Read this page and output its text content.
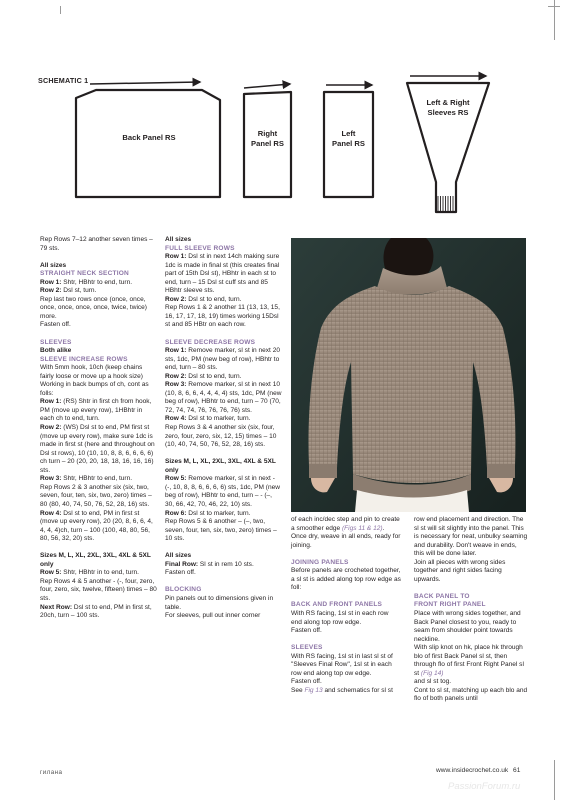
SCHEMATIC 1
Back Panel RS	Right
Panel RS
Left
Panel RS
Left & Right
Sleeves RS

Rep Rows 7–12 another seven times – 79 sts.

All sizes

STRAIGHT NECK SECTION

Row 1: Shtr, HBhtr to end, turn.

Row 2: Dsl st, turn.

Rep last two rows once (once, once, once, once, once, once, twice, twice) more.
Fasten off.

SLEEVES

Both alike

SLEEVE INCREASE ROWS

With 5mm hook, 10ch (keep chains fairly loose or move up a hook size)
Working in back bumps of ch, cont as folls:

Row 1: (RS) Shtr in first ch from hook, PM (move up every row), 1HBhtr in each ch to end, turn.

Row 2: (WS) Dsl st to end, PM first st (move up every row), make sure 1dc is made in first st (here and throughout on Dsl st rows), 10 (10, 10, 8, 8, 6, 6, 6, 6) ch turn – 20 (20, 20, 18, 18, 16, 16, 16) sts.

Row 3: Shtr, HBhtr to end, turn.
Rep Rows 2 & 3 another six (six, two, seven, four, ten, six, two, zero) times – 80 (80, 40, 74, 50, 76, 52, 28, 16) sts.

Row 4: Dsl st to end, PM in first st (move up every row), 20 (20, 8, 6, 6, 4, 4, 4, 4)ch, turn – 100 (100, 48, 80, 56, 80, 56, 32, 20) sts.

Sizes M, L, XL, 2XL, 3XL, 4XL & 5XL only

Row 5: Shtr, HBhtr in to end, turn.
Rep Rows 4 & 5 another - (-, four, zero, four, zero, six, twelve, fifteen) times – 80 sts.

Next Row: Dsl st to end, PM in first st, 20ch, turn – 100 sts.

All sizes

FULL SLEEVE ROWS

Row 1: Dsl st in next 14ch making sure 1dc is made in final st (this creates final part of 15th Dsl st), HBhtr in each st to end, turn – 15 Dsl st cuff sts and 85 HBhtr sleeve sts.

Row 2: Dsl st to end, turn.
Rep Rows 1 & 2 another 11 (13, 13, 15, 16, 17, 17, 18, 19) times working 15Dsl st and 85 HBtr on each row.

SLEEVE DECREASE ROWS

Row 1: Remove marker, sl st in next 20 sts, 1dc, PM (new beg of row), HBhtr to end, turn – 80 sts.

Row 2: Dsl st to end, turn.

Row 3: Remove marker, sl st in next 10 (10, 8, 6, 6, 4, 4, 4, 4) sts, 1dc, PM (new beg of row), HBhtr to end, turn – 70 (70, 72, 74, 74, 76, 76, 76, 76) sts.

Row 4: Dsl st to marker, turn.
Rep Rows 3 & 4 another six (six, four, zero, four, zero, six, 12, 15) times – 10 (10, 40, 74, 50, 76, 52, 28, 16) sts.

Sizes M, L, XL, 2XL, 3XL, 4XL & 5XL only

Row 5: Remove marker, sl st in next - (-, 10, 8, 8, 6, 6, 6, 6) sts, 1dc, PM (new beg of row), HBhtr to end, turn – - (–, 30, 66, 42, 70, 46, 22, 10) sts.

Row 6: Dsl st to marker, turn.
Rep Rows 5 & 6 another – (–, two, seven, four, ten, six, two, zero) times – 10 sts.

All sizes

Final Row: Sl st in rem 10 sts.
Fasten off.

BLOCKING

Pin panels out to dimensions given in table.
For sleeves, pull out inner corner

of each inc/dec step and pin to create a smoother edge (Figs 11 & 12).

Once dry, weave in all ends, ready for joining.

JOINING PANELS

Before panels are crocheted together, a sl st is added along top row edge as foll:

BACK AND FRONT PANELS

With RS facing, 1sl st in each row end along top row edge.
Fasten off.

SLEEVES

With RS facing, 1sl st in last sl st of "Sleeves Final Row", 1sl st in each row end along top ow edge.
Fasten off.
See Fig 13 and schematics for sl st

row end placement and direction. The sl st will sit slightly into the panel. This is necessary for neat, unbulky seaming and durability. Don't weave in ends, this will be done later.
Join all pieces with wrong sides together and right sides facing upwards.

BACK PANEL TO
FRONT RIGHT PANEL

Place with wrong sides together, and Back Panel closest to you, ready to seam from shoulder point towards neckline.
With slip knot on hk, place hk through blo of first Back Panel sl st, then through flo of first Front Right Panel sl st (Fig 14)
and sl st tog.
Cont to sl st, matching up each blo and flo of both panels until

гилана	www.insidecrochet.co.uk 61
PassionForum.ru
